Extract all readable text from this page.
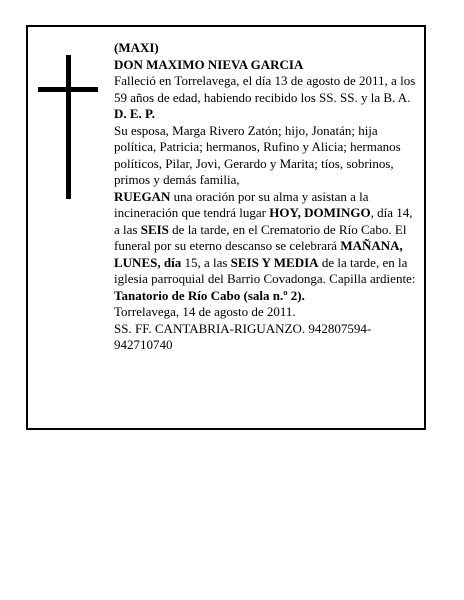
(MAXI)

DON MAXIMO NIEVA GARCIA

Falleció en Torrelavega, el día 13 de agosto de 2011, a los 59 años de edad, habiendo recibido los SS. SS. y la B. A.

D. E. P.

Su esposa, Marga Rivero Zatón; hijo, Jonatán; hija política, Patricia; hermanos, Rufino y Alicia; hermanos políticos, Pilar, Jovi, Gerardo y Marita; tíos, sobrinos, primos y demás familia,

RUEGAN una oración por su alma y asistan a la incineración que tendrá lugar HOY, DOMINGO, día 14, a las SEIS de la tarde, en el Crematorio de Río Cabo. El funeral por su eterno descanso se celebrará MAÑANA, LUNES, día 15, a las SEIS Y MEDIA de la tarde, en la iglesia parroquial del Barrio Covadonga. Capilla ardiente: Tanatorio de Río Cabo (sala n.º 2).

Torrelavega, 14 de agosto de 2011.

SS. FF. CANTABRIA-RIGUANZO. 942807594-942710740
